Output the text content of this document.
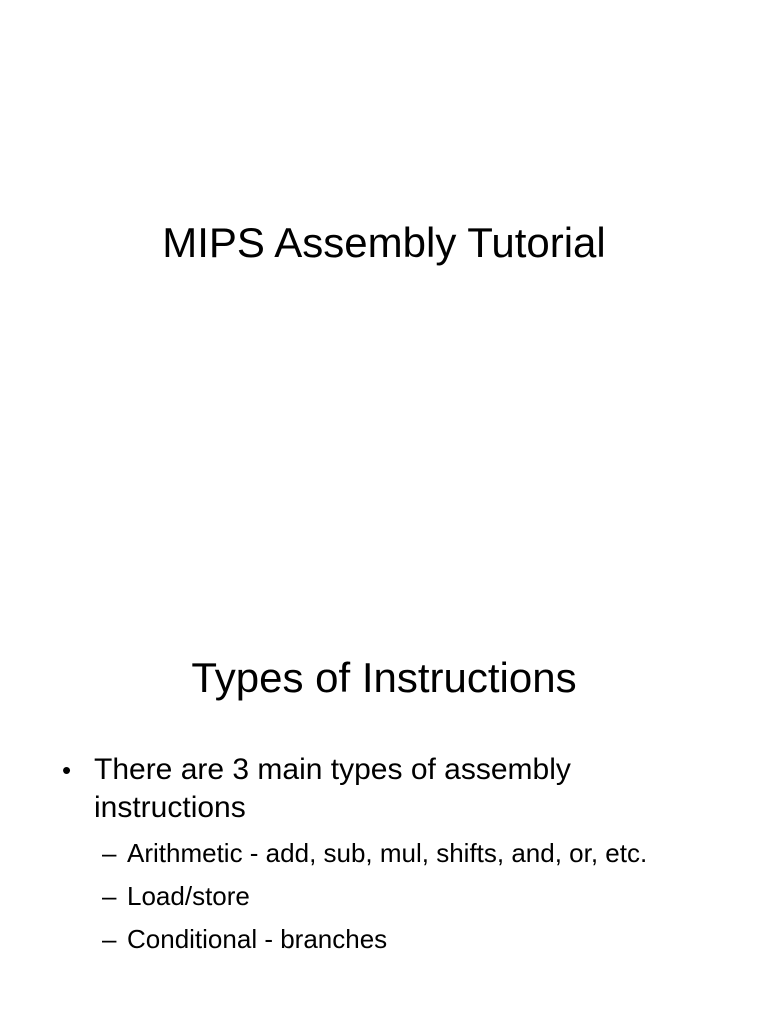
MIPS Assembly Tutorial
Types of Instructions
• There are 3 main types of assembly instructions
– Arithmetic - add, sub, mul, shifts, and, or, etc.
– Load/store
– Conditional - branches
